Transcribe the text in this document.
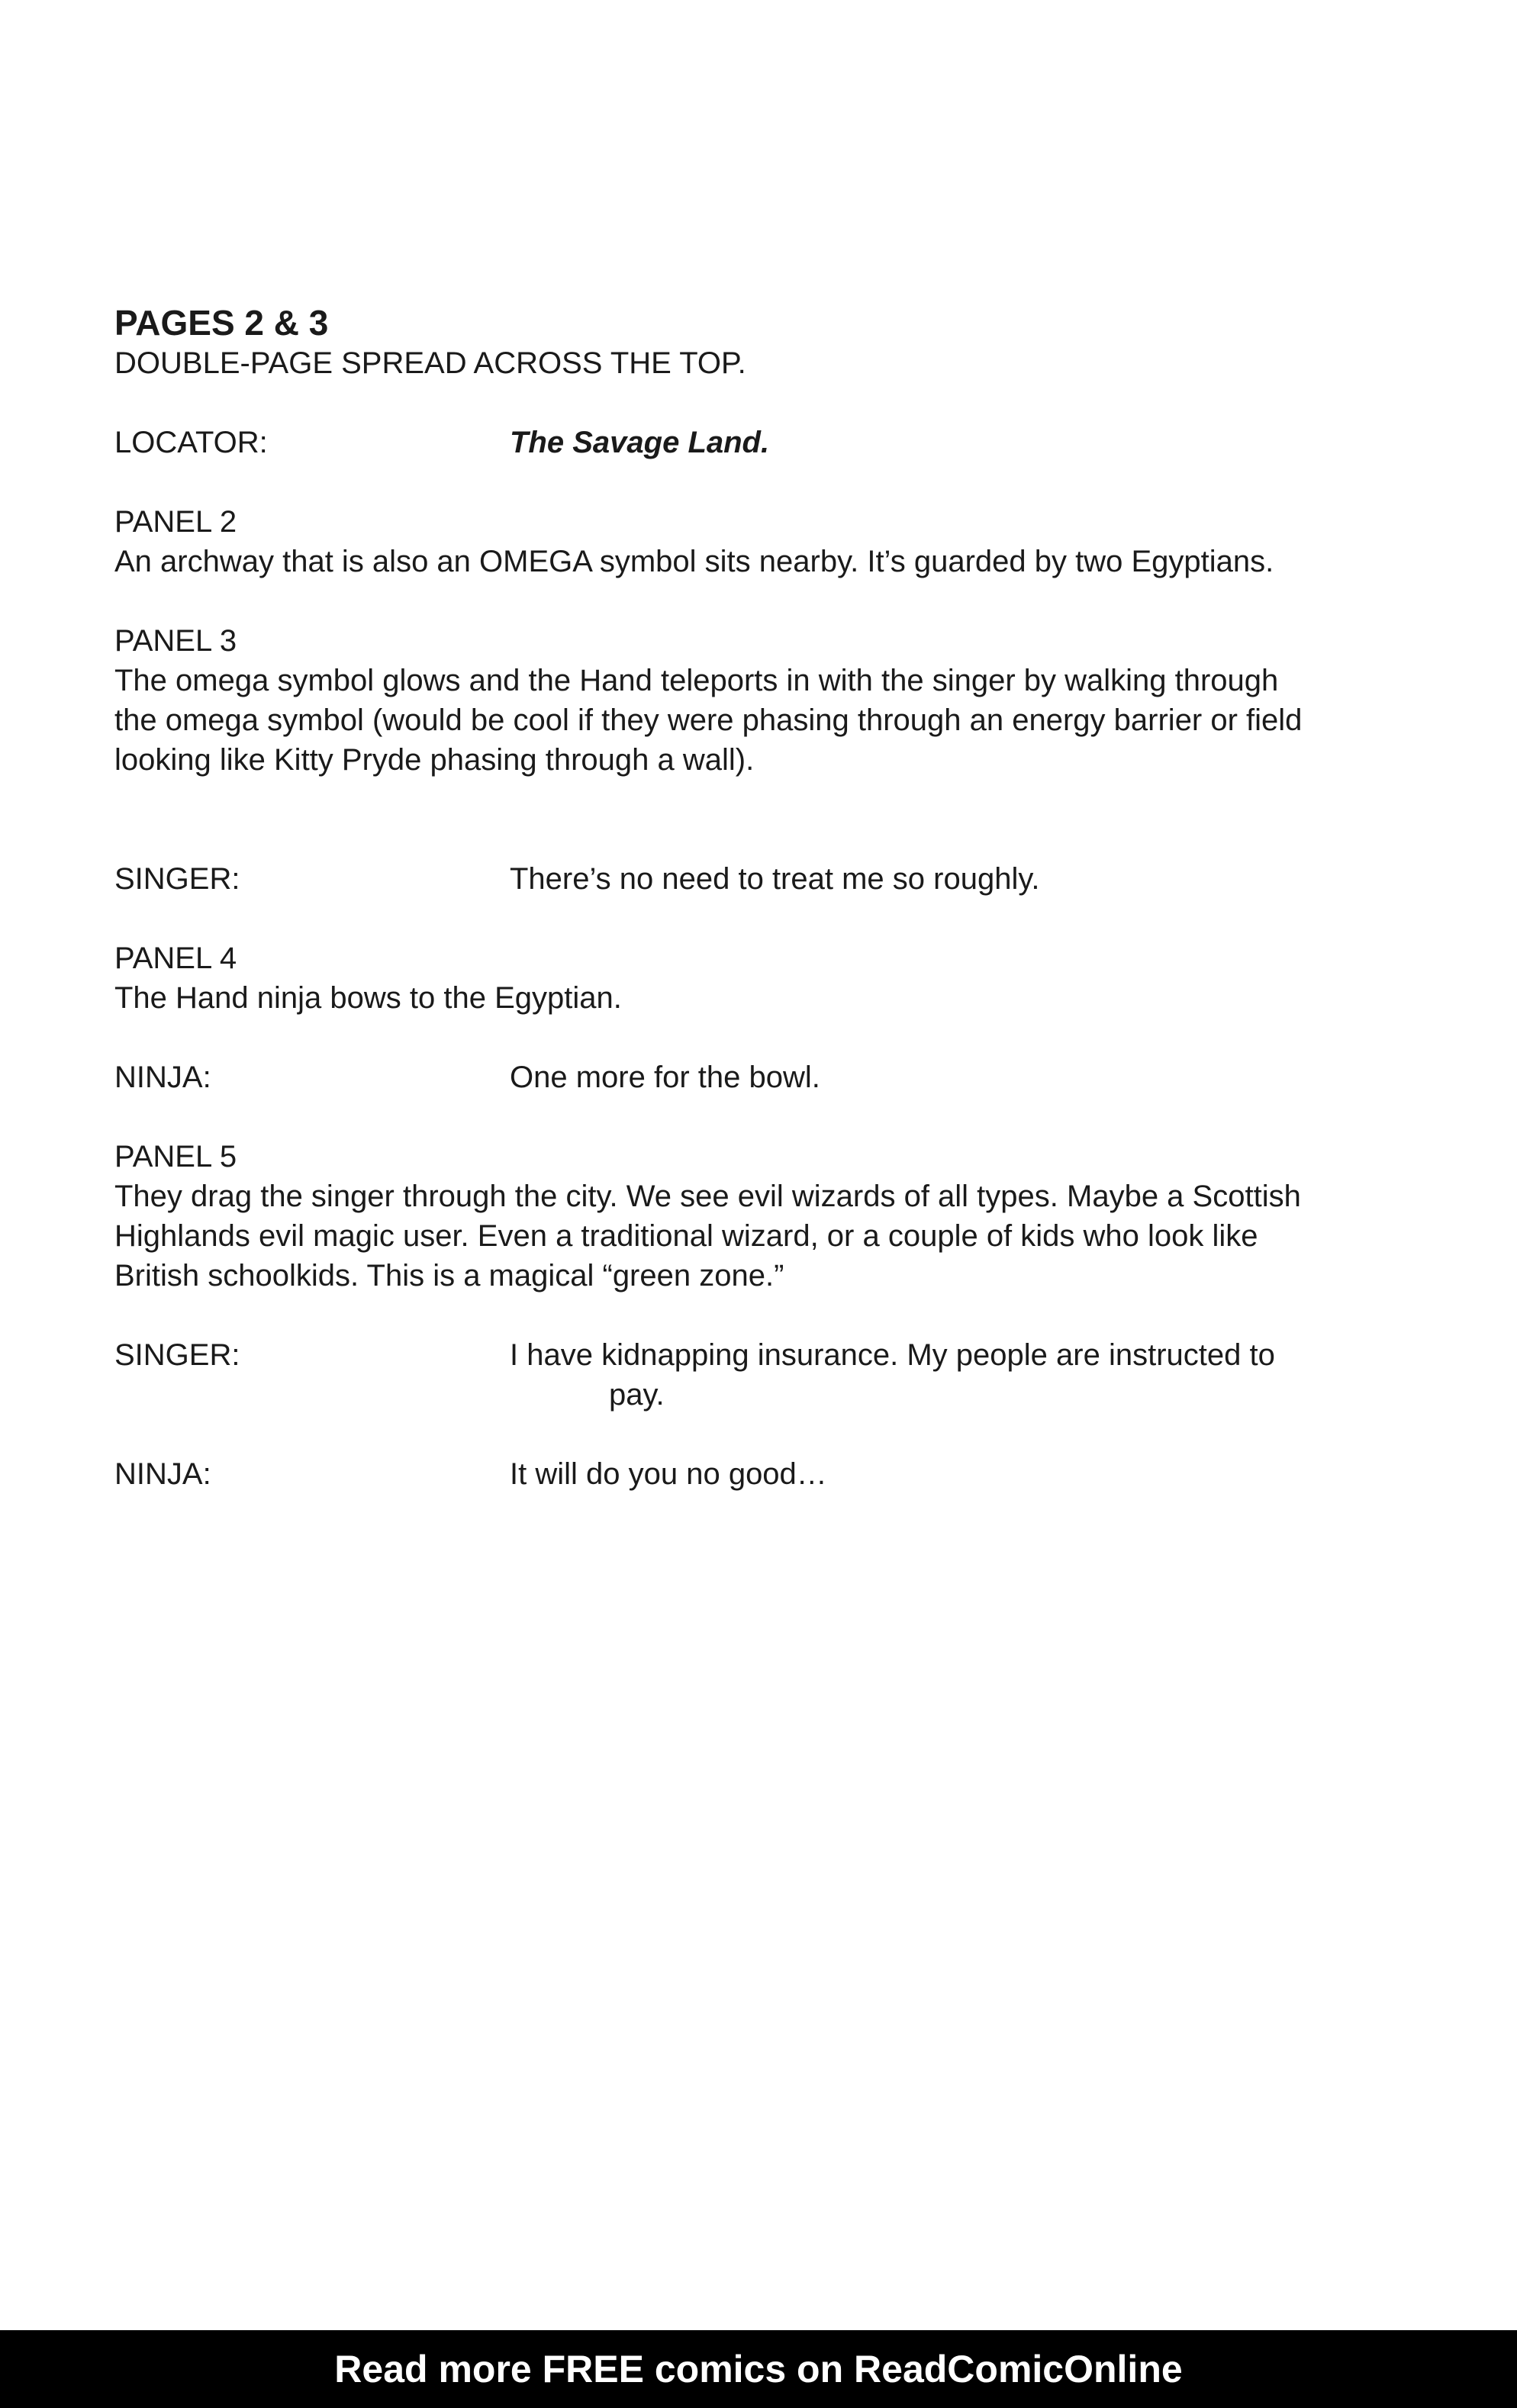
PAGES 2 & 3

DOUBLE-PAGE SPREAD ACROSS THE TOP.

LOCATOR:	The Savage Land.

PANEL 2

An archway that is also an OMEGA symbol sits nearby. It’s guarded by two Egyptians.

PANEL 3

The omega symbol glows and the Hand teleports in with the singer by walking through

the omega symbol (would be cool if they were phasing through an energy barrier or field

looking like Kitty Pryde phasing through a wall).

SINGER:	There’s no need to treat me so roughly.

PANEL 4

The Hand ninja bows to the Egyptian.

NINJA:	One more for the bowl.

PANEL 5

They drag the singer through the city. We see evil wizards of all types. Maybe a Scottish

Highlands evil magic user. Even a traditional wizard, or a couple of kids who look like

British schoolkids. This is a magical “green zone.”

SINGER:	I have kidnapping insurance. My people are instructed to
pay.
NINJA:	It will do you no good…
Read more FREE comics on ReadComicOnline
